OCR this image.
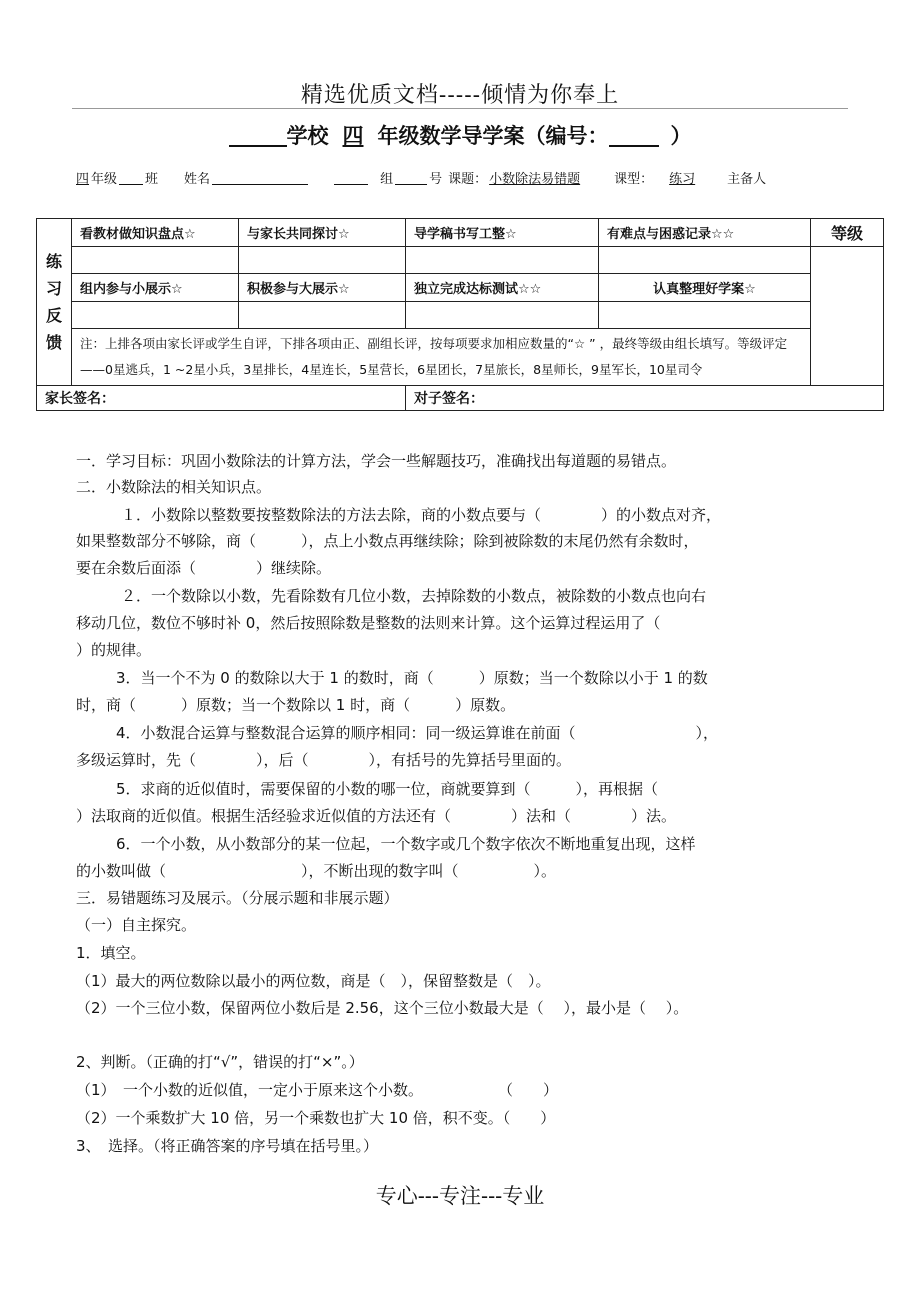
精选优质文档-----倾情为你奉上
学校 四 年级数学导学案（编号：	）
四 年级 班 姓名	组	号 课题： 小数除法易错题	课型： 练习 主备人
练
习
反
馈	看教材做知识盘点☆	与家长共同探讨☆	导学稿书写工整☆	有难点与困惑记录☆☆	等级

	组内参与小展示☆	积极参与大展示☆	独立完成达标测试☆☆	认真整理好学案☆	

	注：上排各项由家长评或学生自评，下排各项由正、副组长评，按每项要求加相应数量的“☆ ” ，最终等级由组长填写。等级评定——0星逃兵，1 ~2星小兵，3星排长，4星连长，5星营长，6星团长，7星旅长，8星师长，9星军长，10星司令				
家长签名：			对子签名：		
一．学习目标：巩固小数除法的计算方法，学会一些解题技巧，准确找出每道题的易错点。
二．小数除法的相关知识点。
１．小数除以整数要按整数除法的方法去除，商的小数点要与（　　　　）的小数点对齐，
如果整数部分不够除，商（　　　），点上小数点再继续除；除到被除数的末尾仍然有余数时，
要在余数后面添（　　　　）继续除。
２．一个数除以小数，先看除数有几位小数，去掉除数的小数点，被除数的小数点也向右
移动几位，数位不够时补 0，然后按照除数是整数的法则来计算。这个运算过程运用了（
）的规律。
3．当一个不为 0 的数除以大于 1 的数时，商（　　　）原数；当一个数除以小于 1 的数
时，商（　　　）原数；当一个数除以 1 时，商（　　　）原数。
4．小数混合运算与整数混合运算的顺序相同：同一级运算谁在前面（　　　　　　　　），
多级运算时，先（　　　　），后（　　　　），有括号的先算括号里面的。
5．求商的近似值时，需要保留的小数的哪一位，商就要算到（　　　），再根据（
）法取商的近似值。根据生活经验求近似值的方法还有（　　　　）法和（　　　　）法。
6．一个小数，从小数部分的某一位起，一个数字或几个数字依次不断地重复出现，这样
的小数叫做（　　　　　　　　　），不断出现的数字叫（　　　　　）。
三．易错题练习及展示。（分展示题和非展示题）
（一）自主探究。
1．填空。
（1）最大的两位数除以最小的两位数，商是（　），保留整数是（　）。
（2）一个三位小数，保留两位小数后是 2.56，这个三位小数最大是（　 ），最小是（　 ）。
2、判断。（正确的打“√”，错误的打“×”。）
（1）　一个小数的近似值，一定小于原来这个小数。　　　　　　（　　）
（2）一个乘数扩大 10 倍，另一个乘数也扩大 10 倍，积不变。（　　）
3、　选择。（将正确答案的序号填在括号里。）
专心---专注---专业
